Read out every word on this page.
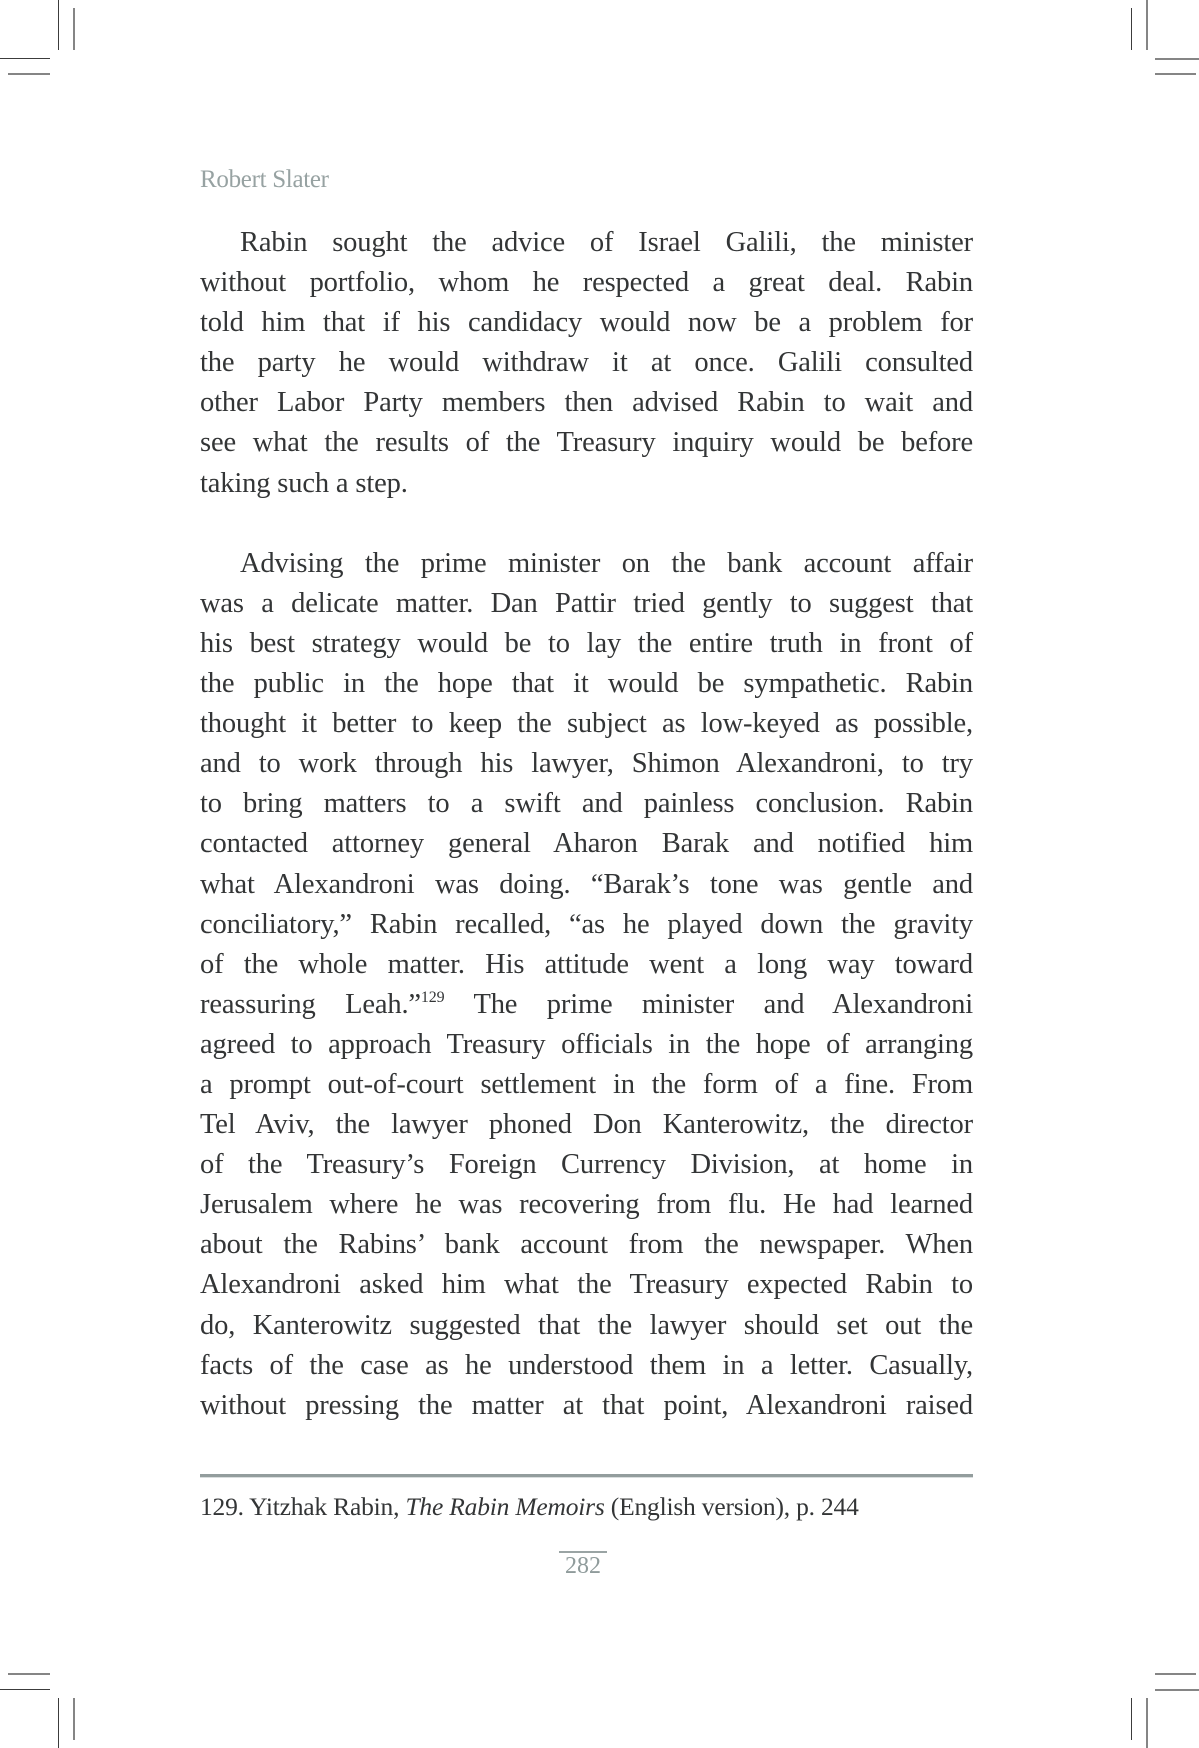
Robert Slater
Rabin sought the advice of Israel Galili, the minister
without portfolio, whom he respected a great deal. Rabin
told him that if his candidacy would now be a problem for
the party he would withdraw it at once. Galili consulted
other Labor Party members then advised Rabin to wait and
see what the results of the Treasury inquiry would be before
taking such a step.
Advising the prime minister on the bank account affair
was a delicate matter. Dan Pattir tried gently to suggest that
his best strategy would be to lay the entire truth in front of
the public in the hope that it would be sympathetic. Rabin
thought it better to keep the subject as low-keyed as possible,
and to work through his lawyer, Shimon Alexandroni, to try
to bring matters to a swift and painless conclusion. Rabin
contacted attorney general Aharon Barak and notified him
what Alexandroni was doing. “Barak’s tone was gentle and
conciliatory,” Rabin recalled, “as he played down the gravity
of the whole matter. His attitude went a long way toward
reassuring Leah.”$^{129}$ The prime minister and Alexandroni
agreed to approach Treasury officials in the hope of arranging
a prompt out-of-court settlement in the form of a fine. From
Tel Aviv, the lawyer phoned Don Kanterowitz, the director
of the Treasury’s Foreign Currency Division, at home in
Jerusalem where he was recovering from flu. He had learned
about the Rabins’ bank account from the newspaper. When
Alexandroni asked him what the Treasury expected Rabin to
do, Kanterowitz suggested that the lawyer should set out the
facts of the case as he understood them in a letter. Casually,
without pressing the matter at that point, Alexandroni raised
129. Yitzhak Rabin, The Rabin Memoirs (English version), p. 244
282
